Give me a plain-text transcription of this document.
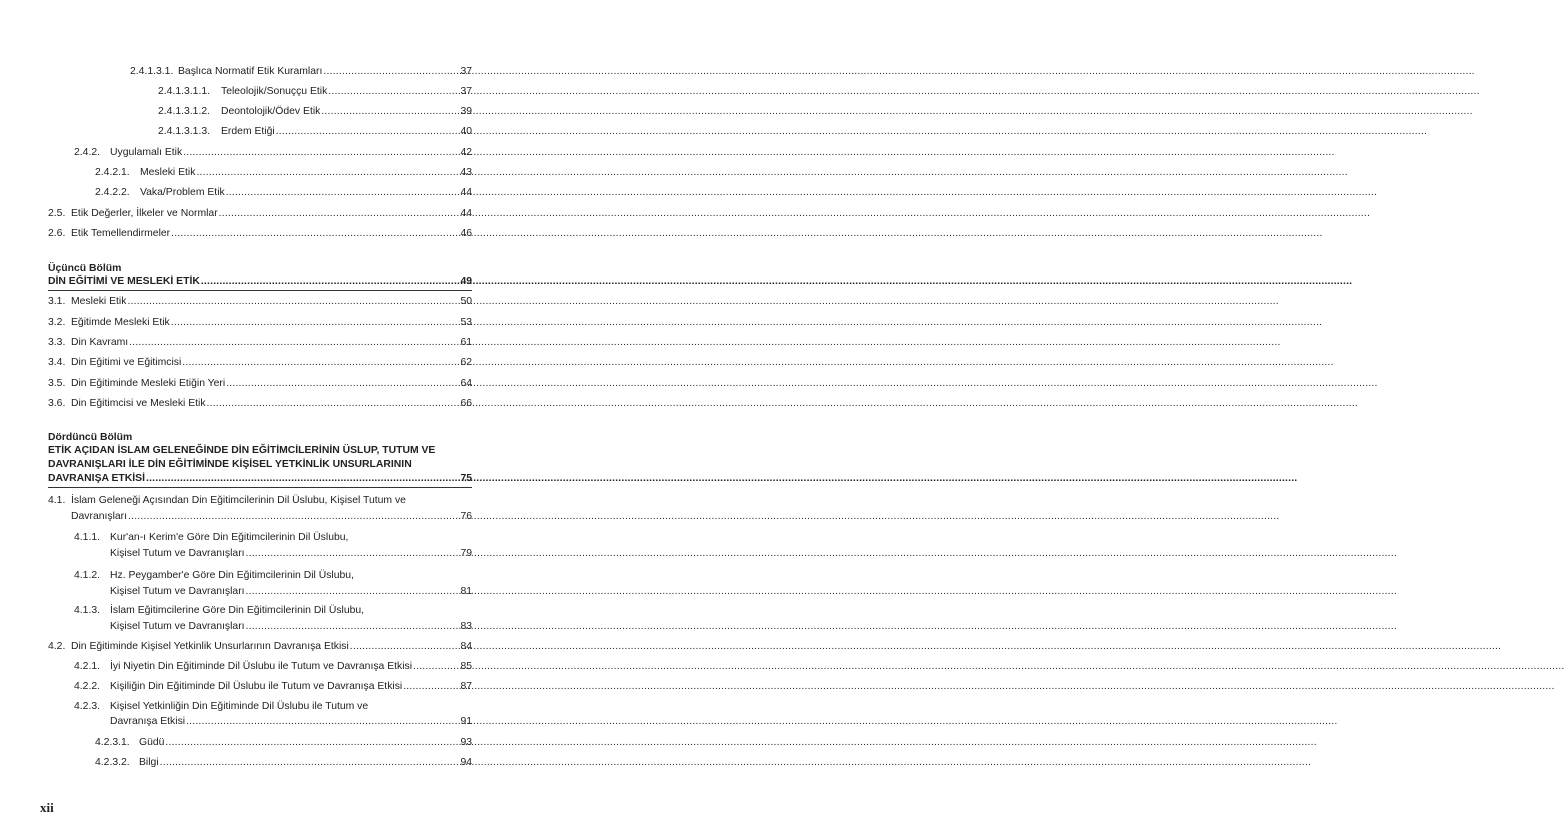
2.4.1.3.1. Başlıca Normatif Etik Kuramları .....	37
2.4.1.3.1.1.	Teleolojik/Sonuççu Etik .....	37
2.4.1.3.1.2.	Deontolojik/Ödev Etik .....	39
2.4.1.3.1.3.	Erdem Etiği .....	40
2.4.2. Uygulamalı Etik .....	42
2.4.2.1. Mesleki Etik .....	43
2.4.2.2. Vaka/Problem Etik .....	44
2.5. Etik Değerler, İlkeler ve Normlar .....	44
2.6. Etik Temellendirmeler .....	46
Üçüncü Bölüm
DİN EĞİTİMİ VE MESLEKİ ETİK .....	49
3.1. Mesleki Etik .....	50
3.2. Eğitimde Mesleki Etik .....	53
3.3. Din Kavramı .....	61
3.4. Din Eğitimi ve Eğitimcisi .....	62
3.5. Din Eğitiminde Mesleki Etiğin Yeri .....	64
3.6. Din Eğitimcisi ve Mesleki Etik .....	66
Dördüncü Bölüm
ETİK AÇIDAN İSLAM GELENEĞİNDE DİN EĞİTİMCİLERİNİN ÜSLUP, TUTUM VE
DAVRANIŞLARI İLE DİN EĞİTİMİNDE KİŞİSEL YETKİNLİK UNSURLARININ
DAVRANIŞA ETKİSİ .....	75
4.1. İslam Geleneği Açısından Din Eğitimcilerinin Dil Üslubu, Kişisel Tutum ve
Davranışları .....	76
4.1.1. Kur'an-ı Kerim'e Göre Din Eğitimcilerinin Dil Üslubu,
Kişisel Tutum ve Davranışları .....	79
4.1.2. Hz. Peygamber'e Göre Din Eğitimcilerinin Dil Üslubu,
Kişisel Tutum ve Davranışları .....	81
4.1.3. İslam Eğitimcilerine Göre Din Eğitimcilerinin Dil Üslubu,
Kişisel Tutum ve Davranışları .....	83
4.2. Din Eğitiminde Kişisel Yetkinlik Unsurlarının Davranışa Etkisi .....	84
4.2.1. İyi Niyetin Din Eğitiminde Dil Üslubu ile Tutum ve Davranışa Etkisi .....	85
4.2.2. Kişiliğin Din Eğitiminde Dil Üslubu ile Tutum ve Davranışa Etkisi .....	87
4.2.3. Kişisel Yetkinliğin Din Eğitiminde Dil Üslubu ile Tutum ve
Davranışa Etkisi .....	91
4.2.3.1. Güdü .....	93
4.2.3.2. Bilgi .....	94
xii
